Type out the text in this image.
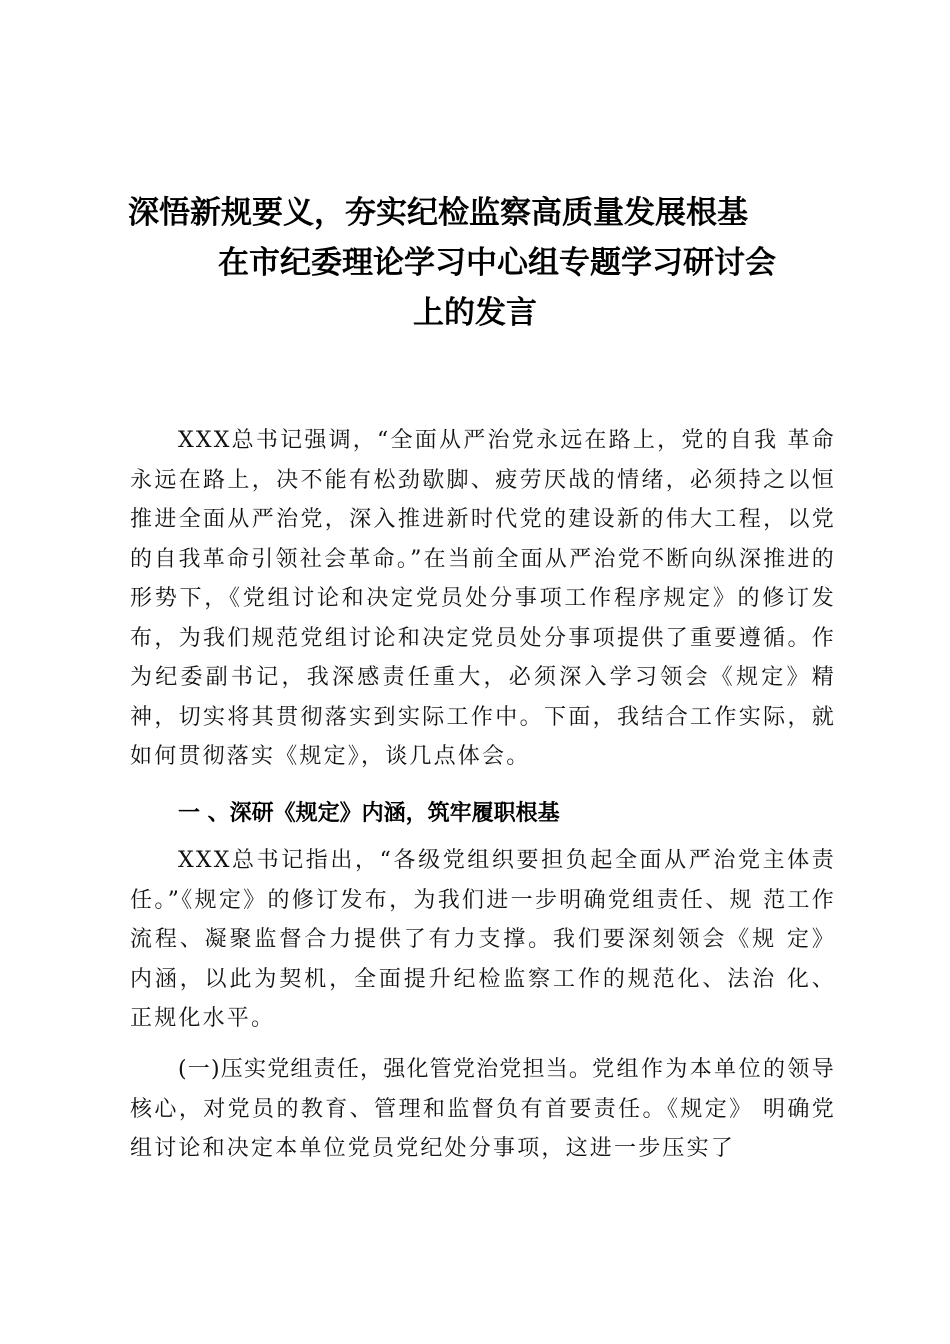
深悟新规要义，夯实纪检监察高质量发展根基
在市纪委理论学习中心组专题学习研讨会
上的发言

XXX总书记强调，“全面从严治党永远在路上，党的自我 革命永远在路上，决不能有松劲歇脚、疲劳厌战的情绪，必须持之以恒推进全面从严治党，深入推进新时代党的建设新的伟大工程，以党的自我革命引领社会革命。”在当前全面从严治党不断向纵深推进的形势下，《党组讨论和决定党员处分事项工作程序规定》的修订发布，为我们规范党组讨论和决定党员处分事项提供了重要遵循。作为纪委副书记，我深感责任重大，必须深入学习领会《规定》精神，切实将其贯彻落实到实际工作中。下面，我结合工作实际，就如何贯彻落实《规定》，谈几点体会。

一 、深研《规定》内涵，筑牢履职根基

XXX总书记指出，“各级党组织要担负起全面从严治党主体责任。”《规定》的修订发布，为我们进一步明确党组责任、规 范工作流程、凝聚监督合力提供了有力支撑。我们要深刻领会《规 定》内涵，以此为契机，全面提升纪检监察工作的规范化、法治 化、正规化水平。

(一)压实党组责任，强化管党治党担当。党组作为本单位的领导核心，对党员的教育、管理和监督负有首要责任。《规定》 明确党组讨论和决定本单位党员党纪处分事项，这进一步压实了
